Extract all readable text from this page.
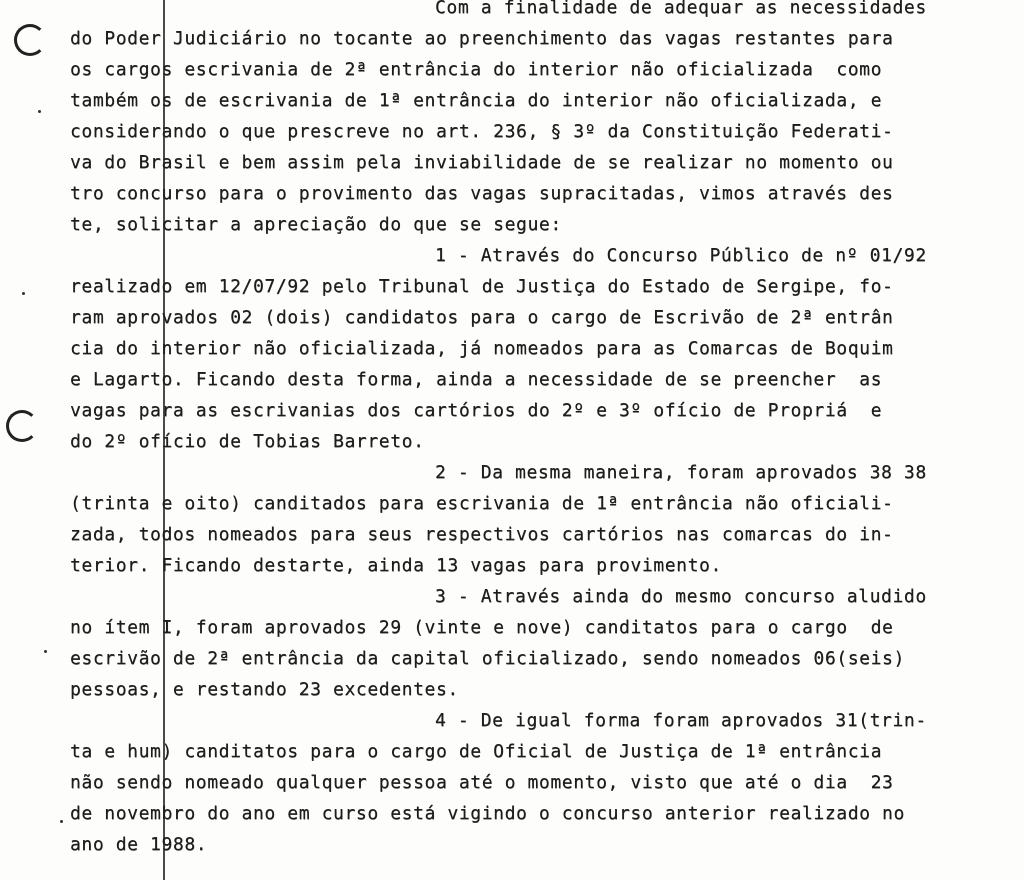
Com a finalidade de adequar as necessidades
do Poder Judiciário no tocante ao preenchimento das vagas restantes para
os cargos escrivania de 2ª entrância do interior não oficializada  como
também os de escrivania de 1ª entrância do interior não oficializada, e
considerando o que prescreve no art. 236, § 3º da Constituição Federati-
va do Brasil e bem assim pela inviabilidade de se realizar no momento ou
tro concurso para o provimento das vagas supracitadas, vimos através des
te, solicitar a apreciação do que se segue:
1 - Através do Concurso Público de nº 01/92
realizado em 12/07/92 pelo Tribunal de Justiça do Estado de Sergipe, fo-
ram aprovados 02 (dois) candidatos para o cargo de Escrivão de 2ª entrân
cia do interior não oficializada, já nomeados para as Comarcas de Boquim
e Lagarto. Ficando desta forma, ainda a necessidade de se preencher  as
vagas para as escrivanias dos cartórios do 2º e 3º ofício de Propriá  e
do 2º ofício de Tobias Barreto.
2 - Da mesma maneira, foram aprovados 38 38
(trinta e oito) canditados para escrivania de 1ª entrância não oficiali-
zada, todos nomeados para seus respectivos cartórios nas comarcas do in-
terior. Ficando destarte, ainda 13 vagas para provimento.
3 - Através ainda do mesmo concurso aludido
no ítem I, foram aprovados 29 (vinte e nove) canditatos para o cargo  de
escrivão de 2ª entrância da capital oficializado, sendo nomeados 06(seis)
pessoas, e restando 23 excedentes.
4 - De igual forma foram aprovados 31(trin-
ta e hum) canditatos para o cargo de Oficial de Justiça de 1ª entrância
não sendo nomeado qualquer pessoa até o momento, visto que até o dia  23
de novembro do ano em curso está vigindo o concurso anterior realizado no
ano de 1988.
